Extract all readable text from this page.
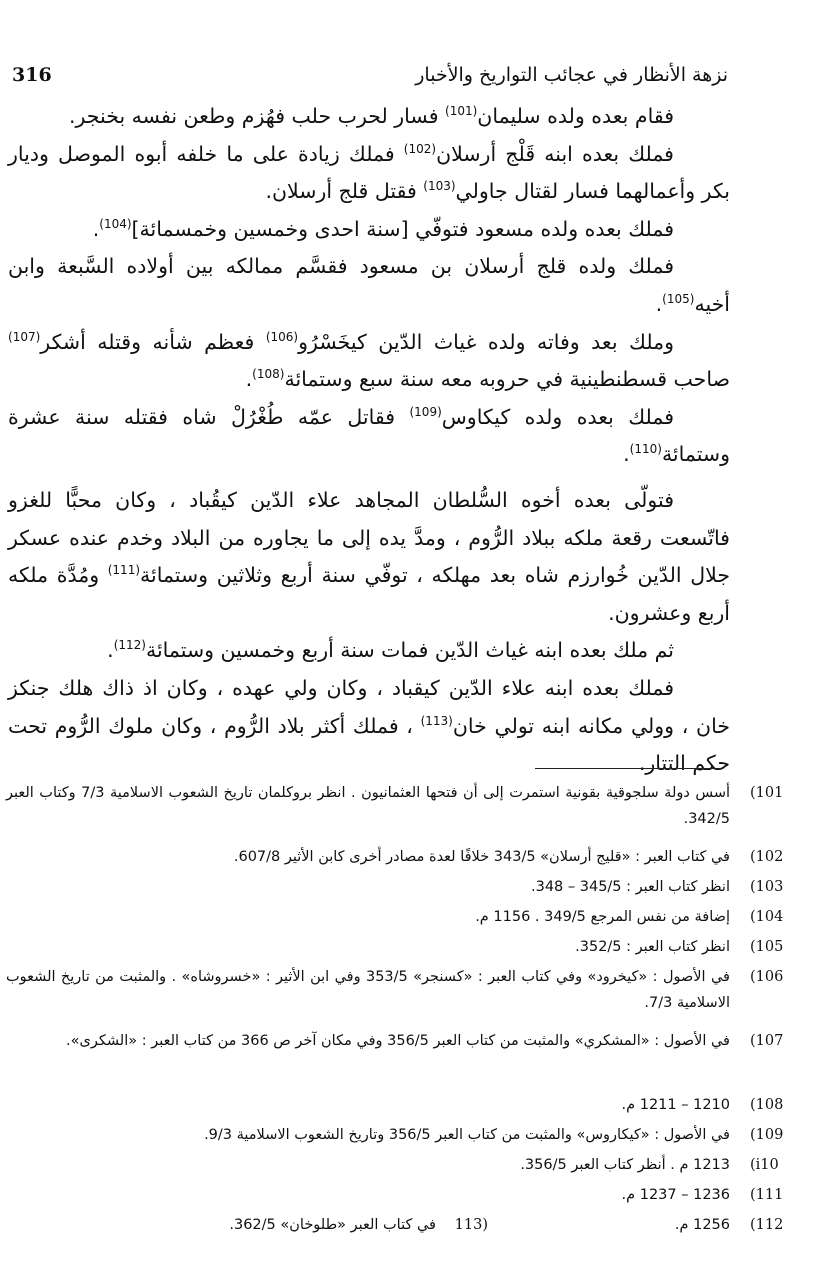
316	نزهة الأنظار في عجائب التواريخ والأخبار

فقام بعده ولده سليمان$^{(101)}$ فسار لحرب حلب فهُزم وطعن نفسه بخنجر.

فملك بعده ابنه قَلْج أرسلان$^{(102)}$ فملك زيادة على ما خلفه أبوه الموصل وديار بكر وأعمالهما فسار لقتال جاولي$^{(103)}$ فقتل قلج أرسلان.

فملك بعده ولده مسعود فتوفّي [سنة احدى وخمسين وخمسمائة]$^{(104)}$.

فملك ولده قلج أرسلان بن مسعود فقسَّم ممالكه بين أولاده السَّبعة وابن أخيه$^{(105)}$.

وملك بعد وفاته ولده غياث الدّين كيخَسْرُو$^{(106)}$ فعظم شأنه وقتله أشكر$^{(107)}$ صاحب قسطنطينية في حروبه معه سنة سبع وستمائة$^{(108)}$.

فملك بعده ولده كيكاوس$^{(109)}$ فقاتل عمّه طُغْرُلْ شاه فقتله سنة عشرة وستمائة$^{(110)}$.

فتولّى بعده أخوه السُّلطان المجاهد علاء الدّين كيقُباد ، وكان محبًّا للغزو فاتّسعت رقعة ملكه ببلاد الرُّوم ، ومدَّ يده إلى ما يجاوره من البلاد وخدم عنده عسكر جلال الدّين خُوارزم شاه بعد مهلكه ، توفّي سنة أربع وثلاثين وستمائة$^{(111)}$ ومُدَّة ملكه أربع وعشرون.

ثم ملك بعده ابنه غياث الدّين فمات سنة أربع وخمسين وستمائة$^{(112)}$.

فملك بعده ابنه علاء الدّين كيقباد ، وكان ولي عهده ، وكان اذ ذاك هلك جنكز خان ، وولي مكانه ابنه تولي خان$^{(113)}$ ، فملك أكثر بلاد الرُّوم ، وكان ملوك الرُّوم تحت حكم التتار.

(101
أسس دولة سلجوقية بقونية استمرت إلى أن فتحها العثمانيون . انظر بروكلمان تاريخ الشعوب الاسلامية 7/3 وكتاب العبر 342/5.
(102
في كتاب العبر : «قليج أرسلان» 343/5 خلافًا لعدة مصادر أخرى كابن الأثير 607/8.
(103
انظر كتاب العبر : 345/5 – 348.
(104
إضافة من نفس المرجع 349/5 . 1156 م.
(105
انظر كتاب العبر : 352/5.
(106
في الأصول : «كيخرود» وفي كتاب العبر : «كسنجر» 353/5 وفي ابن الأثير : «خسروشاه» . والمثبت من تاريخ الشعوب الاسلامية 7/3.
(107
في الأصول : «المشكري» والمثبت من كتاب العبر 356/5 وفي مكان آخر ص 366 من كتاب العبر : «الشكرى».
(108
1210 – 1211 م.
(109
في الأصول : «كيكاروس» والمثبت من كتاب العبر 356/5 وتاريخ الشعوب الاسلامية 9/3.
(i10
1213 م . أنظر كتاب العبر 356/5.
(111
1236 – 1237 م.
(112
1256 م.
113)
في كتاب العبر «طلوخان» 362/5.
